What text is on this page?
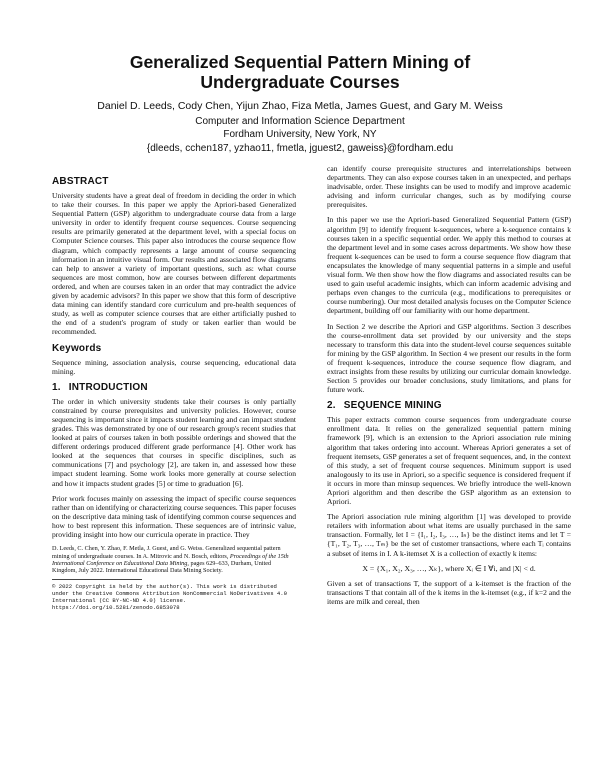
Generalized Sequential Pattern Mining of
Undergraduate Courses
Daniel D. Leeds, Cody Chen, Yijun Zhao, Fiza Metla, James Guest, and Gary M. Weiss
Computer and Information Science Department
Fordham University, New York, NY
{dleeds, cchen187, yzhao11, fmetla, jguest2, gaweiss}@fordham.edu
ABSTRACT

University students have a great deal of freedom in deciding the order in which to take their courses. In this paper we apply the Apriori-based Generalized Sequential Pattern (GSP) algorithm to undergraduate course data from a large university in order to identify frequent course sequences. Course sequencing results are primarily generated at the department level, with a special focus on Computer Science courses. This paper also introduces the course sequence flow diagram, which compactly represents a large amount of course sequencing information in an intuitive visual form. Our results and associated flow diagrams can help to answer a variety of important questions, such as: what course sequences are most common, how are courses between different departments ordered, and when are courses taken in an order that may contradict the advice given by academic advisors? In this paper we show that this form of descriptive data mining can identify standard core curriculum and pre-health sequences of study, as well as computer science courses that are either artificially pushed to the end of a student's program of study or taken earlier than would be recommended.

Keywords

Sequence mining, association analysis, course sequencing, educational data mining.

1. INTRODUCTION

The order in which university students take their courses is only partially constrained by course prerequisites and university policies. However, course sequencing is important since it impacts student learning and can impact student grades. This was demonstrated by one of our research group's recent studies that looked at pairs of courses taken in both possible orderings and showed that the different orderings produced different grade performance [4]. Other work has looked at the sequences that courses in specific disciplines, such as communications [7] and psychology [2], are taken in, and assessed how these impact student learning. Some work looks more generally at course selection and how it impacts student grades [5] or time to graduation [6].

Prior work focuses mainly on assessing the impact of specific course sequences rather than on identifying or characterizing course sequences. This paper focuses on the descriptive data mining task of identifying common course sequences and how to best represent this information. These sequences are of intrinsic value, providing insight into how our curricula operate in practice. They

D. Leeds, C. Chen, Y. Zhao, F. Metla, J. Guest, and G. Weiss. Generalized sequential pattern mining of undergraduate courses. In A. Mitrovic and N. Bosch, editors, Proceedings of the 15th International Conference on Educational Data Mining, pages 629–633, Durham, United Kingdom, July 2022. International Educational Data Mining Society.

© 2022 Copyright is held by the author(s). This work is distributed under the Creative Commons Attribution NonCommercial NoDerivatives 4.0 International (CC BY-NC-ND 4.0) license. https://doi.org/10.5281/zenodo.6853078

can identify course prerequisite structures and interrelationships between departments. They can also expose courses taken in an unexpected, and perhaps inadvisable, order. These insights can be used to modify and improve academic advising and inform curricular changes, such as by modifying course prerequisites.

In this paper we use the Apriori-based Generalized Sequential Pattern (GSP) algorithm [9] to identify frequent k-sequences, where a k-sequence contains k courses taken in a specific sequential order. We apply this method to courses at the department level and in some cases across departments. We show how these frequent k-sequences can be used to form a course sequence flow diagram that encapsulates the knowledge of many sequential patterns in a simple and useful visual form. We then show how the flow diagrams and associated results can be used to gain useful academic insights, which can inform academic advising and perhaps even changes to the curricula (e.g., modifications to prerequisites or course numbering). Our most detailed analysis focuses on the Computer Science department, building off our familiarity with our home department.

In Section 2 we describe the Apriori and GSP algorithms. Section 3 describes the course-enrollment data set provided by our university and the steps necessary to transform this data into the student-level course sequences suitable for mining by the GSP algorithm. In Section 4 we present our results in the form of frequent k-sequences, introduce the course sequence flow diagram, and extract insights from these results by utilizing our curricular domain knowledge. Section 5 provides our broader conclusions, study limitations, and plans for future work.

2. SEQUENCE MINING

This paper extracts common course sequences from undergraduate course enrollment data. It relies on the generalized sequential pattern mining framework [9], which is an extension to the Apriori association rule mining algorithm that takes ordering into account. Whereas Apriori generates a set of frequent itemsets, GSP generates a set of frequent sequences, and, in the context of this study, a set of frequent course sequences. Minimum support is used analogously to its use in Apriori, so a specific sequence is considered frequent if it occurs in more than minsup sequences. We briefly introduce the well-known Apriori algorithm and then describe the GSP algorithm as an extension to Apriori.

The Apriori association rule mining algorithm [1] was developed to provide retailers with information about what items are usually purchased in the same transaction. Formally, let I = {I₁, I₂, I₃, …, Iₙ} be the distinct items and let T = {T₁, T₂, T₃, …, Tₘ} be the set of customer transactions, where each Tᵢ contains a subset of items in I. A k-itemset X is a collection of exactly k items:

X = {X₁, X₂, X₃, …, Xₖ}, where Xᵢ ∈ I ∀i, and |X| < d.

Given a set of transactions T, the support of a k-itemset is the fraction of the transactions T that contain all of the k items in the k-itemset (e.g., if k=2 and the items are milk and cereal, then
